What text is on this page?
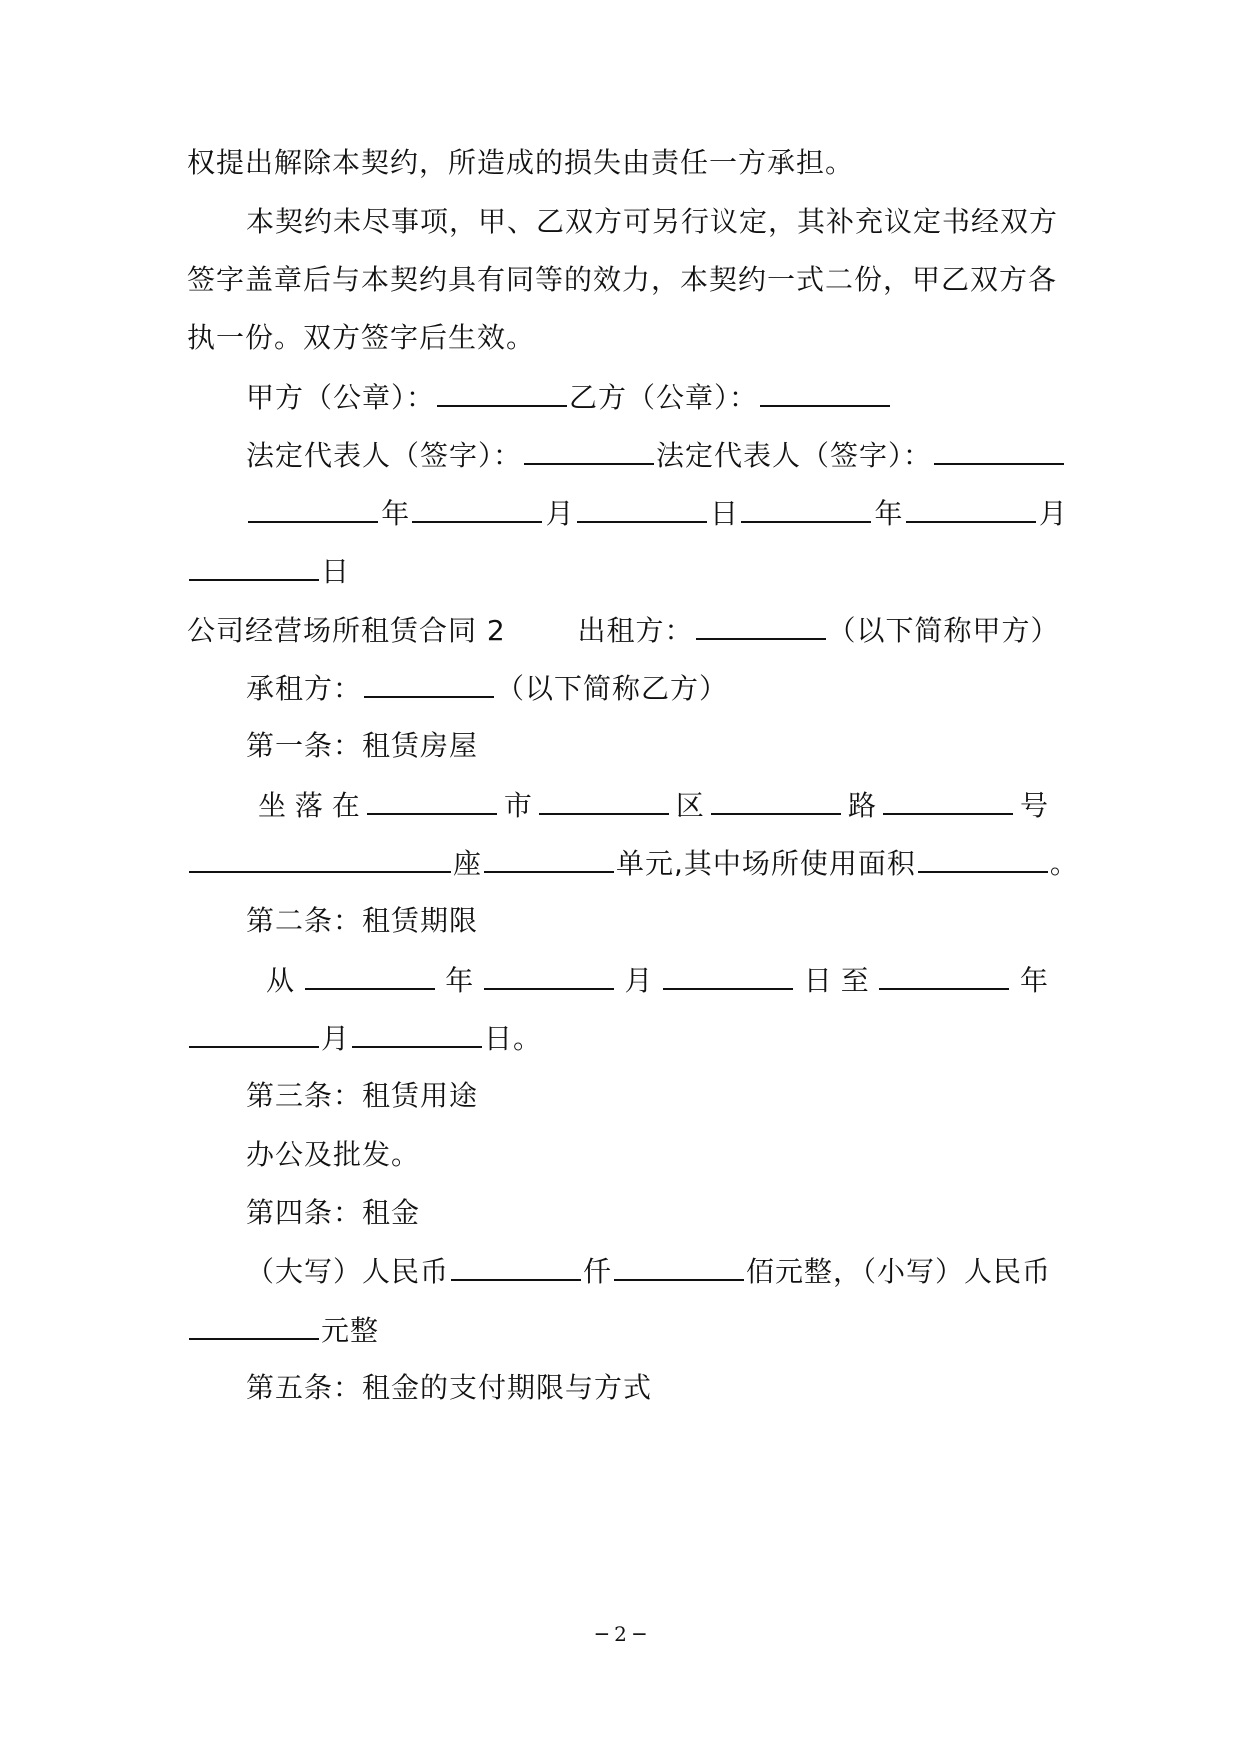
权提出解除本契约，所造成的损失由责任一方承担。
本契约未尽事项，甲、乙双方可另行议定，其补充议定书经双方
签字盖章后与本契约具有同等的效力，本契约一式二份，甲乙双方各
执一份。双方签字后生效。
甲方（公章）：	乙方（公章）：
法定代表人（签字）：	法定代表人（签字）：
年	月	日	年	月
日
公司经营场所租赁合同 2	出租方：	（以下简称甲方）
承租方：	（以下简称乙方）
第一条：租赁房屋
坐 落 在	市	区	路	号
座	单元,其中场所使用面积	。
第二条：租赁期限
从	年	月	日 至	年
月	日。
第三条：租赁用途
办公及批发。
第四条：租金
（大写）人民币	仟	佰元整，（小写）人民币
元整
第五条：租金的支付期限与方式
─ 2 ─
